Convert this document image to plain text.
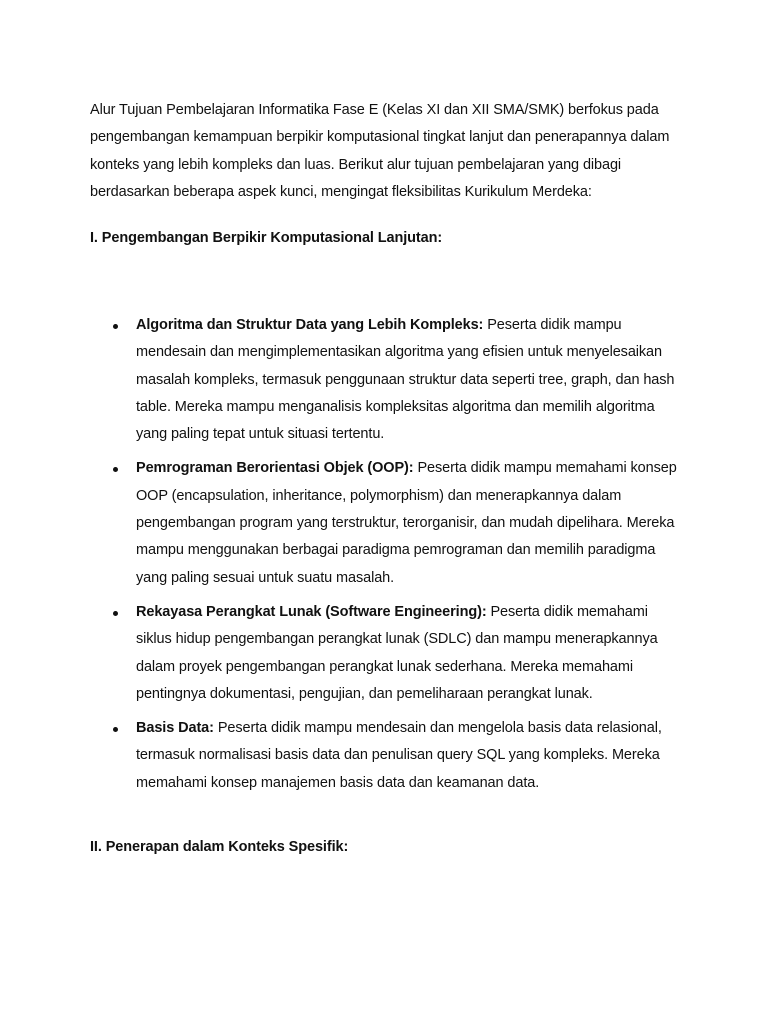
Alur Tujuan Pembelajaran Informatika Fase E (Kelas XI dan XII SMA/SMK) berfokus pada pengembangan kemampuan berpikir komputasional tingkat lanjut dan penerapannya dalam konteks yang lebih kompleks dan luas. Berikut alur tujuan pembelajaran yang dibagi berdasarkan beberapa aspek kunci, mengingat fleksibilitas Kurikulum Merdeka:

I. Pengembangan Berpikir Komputasional Lanjutan:
Algoritma dan Struktur Data yang Lebih Kompleks: Peserta didik mampu mendesain dan mengimplementasikan algoritma yang efisien untuk menyelesaikan masalah kompleks, termasuk penggunaan struktur data seperti tree, graph, dan hash table. Mereka mampu menganalisis kompleksitas algoritma dan memilih algoritma yang paling tepat untuk situasi tertentu.
Pemrograman Berorientasi Objek (OOP): Peserta didik mampu memahami konsep OOP (encapsulation, inheritance, polymorphism) dan menerapkannya dalam pengembangan program yang terstruktur, terorganisir, dan mudah dipelihara. Mereka mampu menggunakan berbagai paradigma pemrograman dan memilih paradigma yang paling sesuai untuk suatu masalah.
Rekayasa Perangkat Lunak (Software Engineering): Peserta didik memahami siklus hidup pengembangan perangkat lunak (SDLC) dan mampu menerapkannya dalam proyek pengembangan perangkat lunak sederhana. Mereka memahami pentingnya dokumentasi, pengujian, dan pemeliharaan perangkat lunak.
Basis Data: Peserta didik mampu mendesain dan mengelola basis data relasional, termasuk normalisasi basis data dan penulisan query SQL yang kompleks. Mereka memahami konsep manajemen basis data dan keamanan data.
II. Penerapan dalam Konteks Spesifik:
